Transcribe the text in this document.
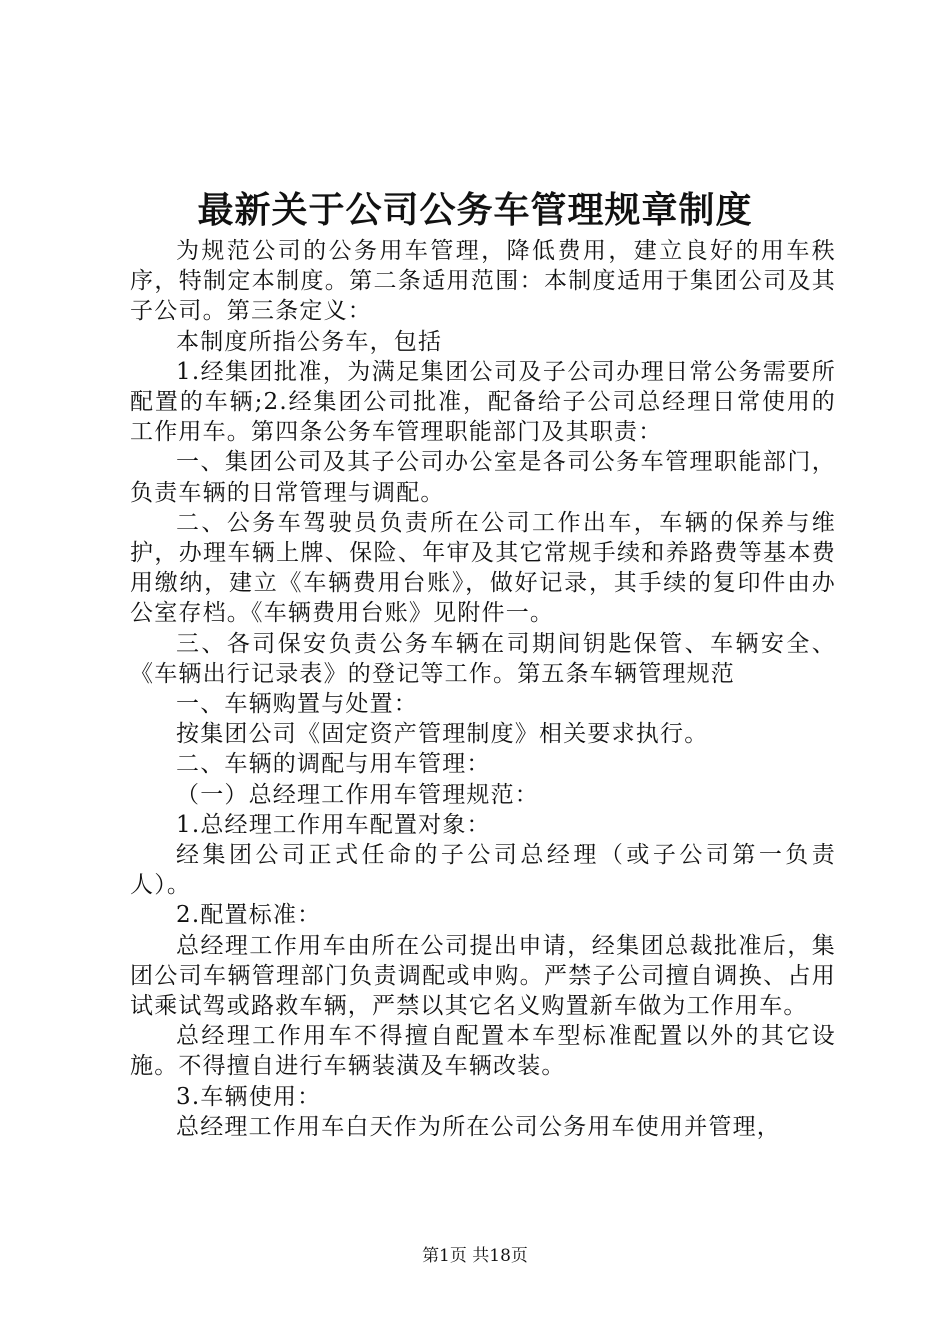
最新关于公司公务车管理规章制度

为规范公司的公务用车管理，降低费用，建立良好的用车秩序，特制定本制度。第二条适用范围：本制度适用于集团公司及其子公司。第三条定义：

本制度所指公务车，包括

1.经集团批准，为满足集团公司及子公司办理日常公务需要所配置的车辆;2.经集团公司批准，配备给子公司总经理日常使用的工作用车。第四条公务车管理职能部门及其职责：

一、集团公司及其子公司办公室是各司公务车管理职能部门，负责车辆的日常管理与调配。

二、公务车驾驶员负责所在公司工作出车，车辆的保养与维护，办理车辆上牌、保险、年审及其它常规手续和养路费等基本费用缴纳，建立《车辆费用台账》，做好记录，其手续的复印件由办公室存档。《车辆费用台账》见附件一。

三、各司保安负责公务车辆在司期间钥匙保管、车辆安全、《车辆出行记录表》的登记等工作。第五条车辆管理规范

一、车辆购置与处置：

按集团公司《固定资产管理制度》相关要求执行。

二、车辆的调配与用车管理：

（一）总经理工作用车管理规范：

1.总经理工作用车配置对象：

经集团公司正式任命的子公司总经理（或子公司第一负责人）。

2.配置标准：

总经理工作用车由所在公司提出申请，经集团总裁批准后，集团公司车辆管理部门负责调配或申购。严禁子公司擅自调换、占用试乘试驾或路救车辆，严禁以其它名义购置新车做为工作用车。

总经理工作用车不得擅自配置本车型标准配置以外的其它设施。不得擅自进行车辆装潢及车辆改装。

3.车辆使用：

总经理工作用车白天作为所在公司公务用车使用并管理，

第1页 共18页
